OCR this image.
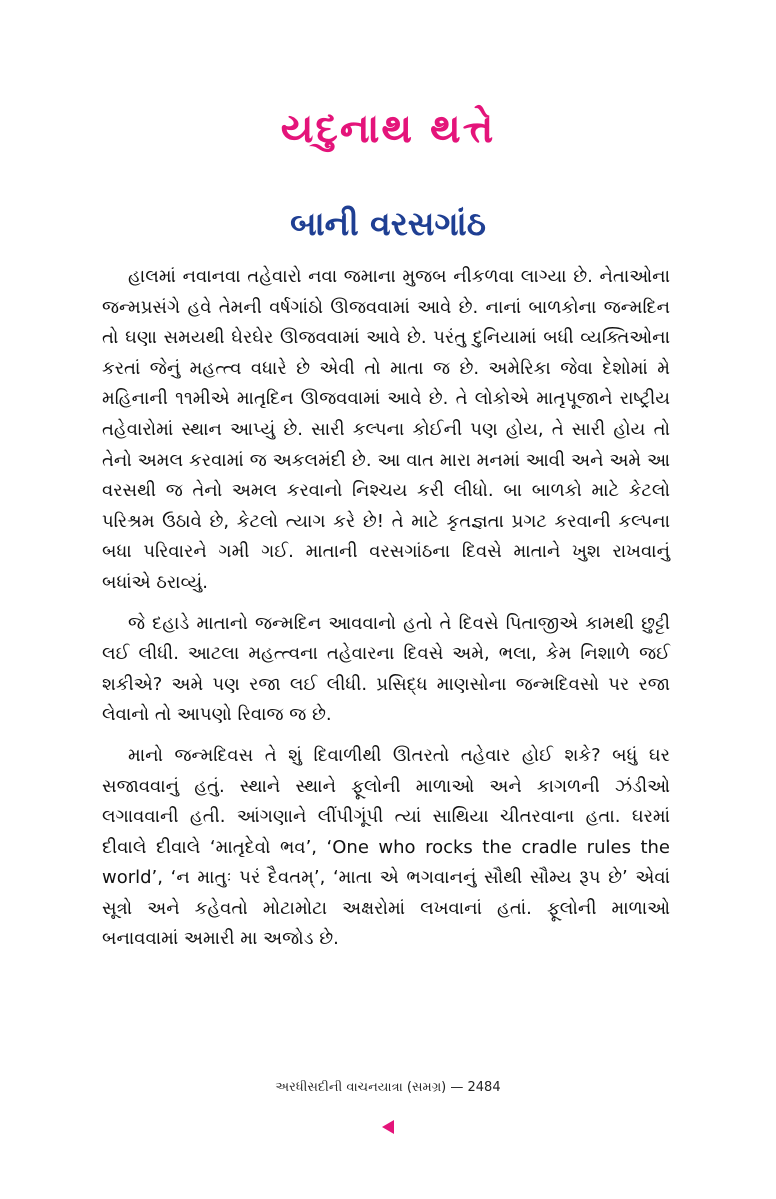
યદુનાથ થત્તે
બાની વરસગાંઠ

હાલમાં નવાનવા તહેવારો નવા જમાના મુજબ નીકળવા લાગ્યા છે. નેતાઓના જન્મપ્રસંગે હવે તેમની વર્ષગાંઠો ઊજવવામાં આવે છે. નાનાં બાળકોના જન્મદિન તો ઘણા સમયથી ઘેરઘેર ઊજવવામાં આવે છે. પરંતુ દુનિયામાં બધી વ્યક્તિઓના કરતાં જેનું મહત્ત્વ વધારે છે એવી તો માતા જ છે. અમેરિકા જેવા દેશોમાં મે મહિનાની ૧૧મીએ માતૃદિન ઊજવવામાં આવે છે. તે લોકોએ માતૃપૂજાને રાષ્ટ્રીય તહેવારોમાં સ્થાન આપ્યું છે. સારી કલ્પના કોઈની પણ હોય, તે સારી હોય તો તેનો અમલ કરવામાં જ અકલમંદી છે. આ વાત મારા મનમાં આવી અને અમે આ વરસથી જ તેનો અમલ કરવાનો નિશ્ચય કરી લીધો. બા બાળકો માટે કેટલો પરિશ્રમ ઉઠાવે છે, કેટલો ત્યાગ કરે છે! તે માટે કૃતજ્ઞતા પ્રગટ કરવાની કલ્પના બધા પરિવારને ગમી ગઈ. માતાની વરસગાંઠના દિવસે માતાને ખુશ રાખવાનું બધાંએ ઠરાવ્યું.

જે દહાડે માતાનો જન્મદિન આવવાનો હતો તે દિવસે પિતાજીએ કામથી છુટ્ટી લઈ લીધી. આટલા મહત્ત્વના તહેવારના દિવસે અમે, ભલા, કેમ નિશાળે જઈ શકીએ? અમે પણ રજા લઈ લીધી. પ્રસિદ્ધ માણસોના જન્મદિવસો પર રજા લેવાનો તો આપણો રિવાજ જ છે.

માનો જન્મદિવસ તે શું દિવાળીથી ઊતરતો તહેવાર હોઈ શકે? બધું ઘર સજાવવાનું હતું. સ્થાને સ્થાને ફૂલોની માળાઓ અને કાગળની ઝંડીઓ લગાવવાની હતી. આંગણાને લીંપીગૂંપી ત્યાં સાથિયા ચીતરવાના હતા. ઘરમાં દીવાલે દીવાલે ‘માતૃદેવો ભવ’, ‘One who rocks the cradle rules the world’, ‘ન માતુઃ પરં દૈવતમ્’, ‘માતા એ ભગવાનનું સૌથી સૌમ્ય રૂપ છે’ એવાં સૂત્રો અને કહેવતો મોટામોટા અક્ષરોમાં લખવાનાં હતાં. ફૂલોની માળાઓ બનાવવામાં અમારી મા અજોડ છે.

અરધીસદીની વાચનયાત્રા (સમગ્ર) — 2484
